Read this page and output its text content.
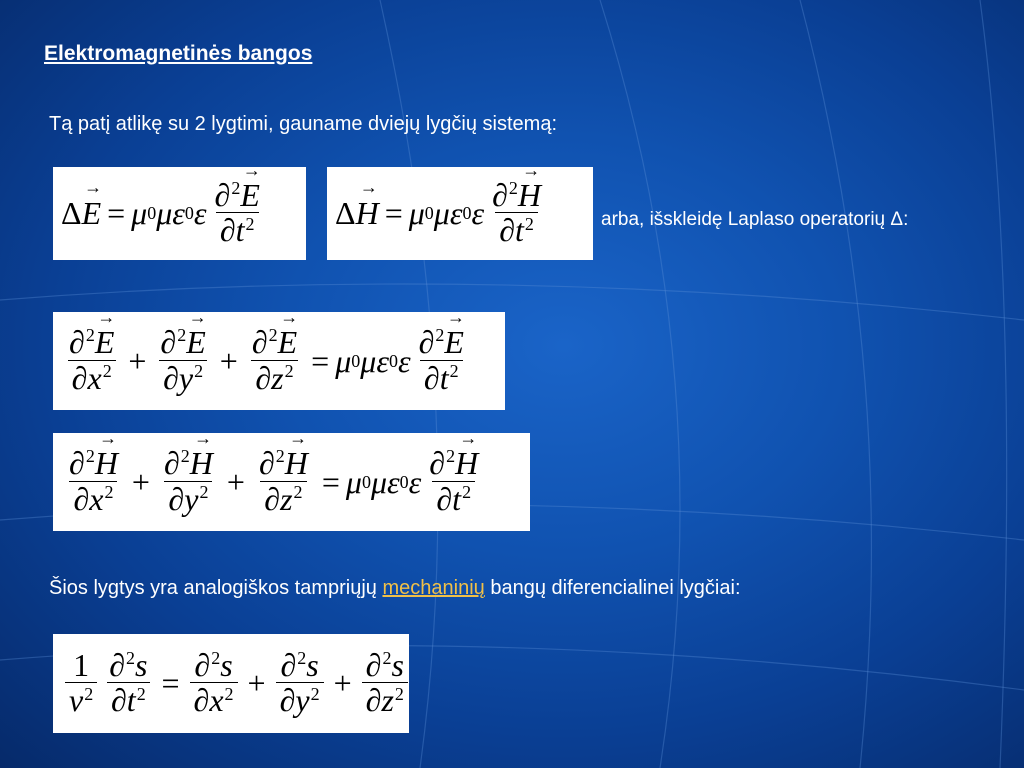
Elektromagnetinės bangos
Tą patį atlikę su 2 lygtimi, gauname dviejų lygčių sistemą:
Δ → E = μ 0 με 0 ε $\frac{\partial^2\to E}{\partial t^2}$ Δ → H = μ 0 με 0 ε $\frac{\partial^2\to H}{\partial t^2}$	arba, išskleidę Laplaso operatorių Δ:
$\frac{\partial^2\to E}{\partial x^2} + \frac{\partial^2\to E}{\partial y^2} + \frac{\partial^2\to E}{\partial z^2} = \mu$ 0 με 0 ε $\frac{\partial^2\to E}{\partial t^2}$
$\frac{\partial^2\to H}{\partial x^2} + \frac{\partial^2\to H}{\partial y^2} + \frac{\partial^2\to H}{\partial z^2} = \mu$ 0 με 0 ε $\frac{\partial^2\to H}{\partial t^2}$
Šios lygtys yra analogiškos tampriųjų mechaninių bangų diferencialinei lygčiai:
$\frac{1}{v^2} \frac{\partial^2s}{\partial t^2} = \frac{\partial^2s}{\partial x^2} + \frac{\partial^2s}{\partial y^2} + \frac{\partial^2s}{\partial z^2}$
